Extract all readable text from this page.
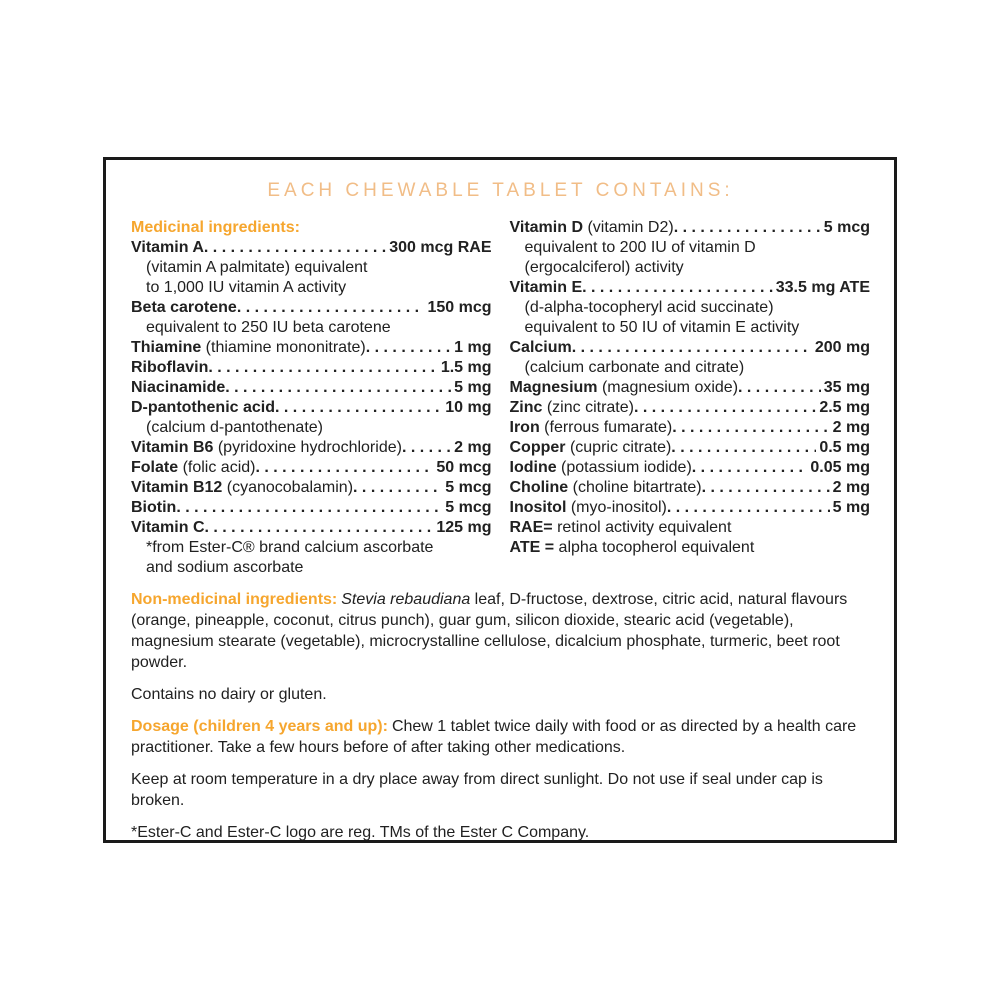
EACH CHEWABLE TABLET CONTAINS:
Medicinal ingredients:
Vitamin A . . .	300 mcg RAE
(vitamin A palmitate) equivalent
to 1,000 IU vitamin A activity
Beta carotene . . .	150 mcg
equivalent to 250 IU beta carotene
Thiamine (thiamine mononitrate) . . .	1 mg
Riboflavin . . .	1.5 mg
Niacinamide . . .	5 mg
D-pantothenic acid . . .	10 mg
(calcium d-pantothenate)
Vitamin B6 (pyridoxine hydrochloride) . . .	2 mg
Folate (folic acid) . . .	50 mcg
Vitamin B12 (cyanocobalamin) . . .	5 mcg
Biotin . . .	5 mcg
Vitamin C . . .	125 mg
*from Ester-C® brand calcium ascorbate
and sodium ascorbate
Vitamin D (vitamin D2) . . .	5 mcg
equivalent to 200 IU of vitamin D
(ergocalciferol) activity
Vitamin E . . .	33.5 mg ATE
(d-alpha-tocopheryl acid succinate)
equivalent to 50 IU of vitamin E activity
Calcium . . .	200 mg
(calcium carbonate and citrate)
Magnesium (magnesium oxide) . . .	35 mg
Zinc (zinc citrate) . . .	2.5 mg
Iron (ferrous fumarate) . . .	2 mg
Copper (cupric citrate) . . .	0.5 mg
Iodine (potassium iodide) . . .	0.05 mg
Choline (choline bitartrate) . . .	2 mg
Inositol (myo-inositol) . . .	5 mg
RAE= retinol activity equivalent
ATE = alpha tocopherol equivalent

Non-medicinal ingredients: Stevia rebaudiana leaf, D-fructose, dextrose, citric acid, natural flavours (orange, pineapple, coconut, citrus punch), guar gum, silicon dioxide, stearic acid (vegetable), magnesium stearate (vegetable), microcrystalline cellulose, dicalcium phosphate, turmeric, beet root powder.

Contains no dairy or gluten.

Dosage (children 4 years and up): Chew 1 tablet twice daily with food or as directed by a health care practitioner. Take a few hours before of after taking other medications.

Keep at room temperature in a dry place away from direct sunlight. Do not use if seal under cap is broken.

*Ester-C and Ester-C logo are reg. TMs of the Ester C Company.
